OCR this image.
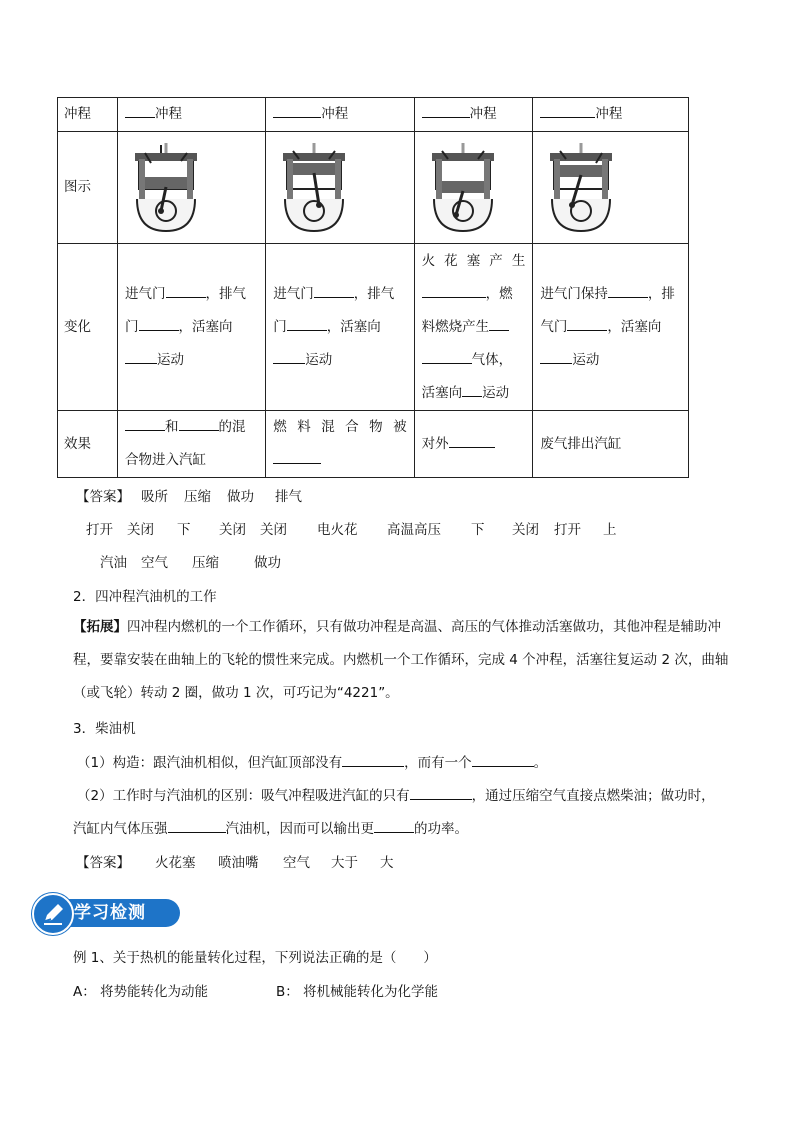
冲程	冲程	冲程	冲程	冲程
图示	

变化	进气门 ，排气门 ，活塞向运动	进气门 ，排气门 ，活塞向运动	火花塞产生
，燃料燃烧产生
气体，活塞向 运动	进气门保持 ，排气门 ，活塞向运动
效果	和 的混合物进入汽缸	燃料混合物被	对外	废气排出汽缸
【答案】 吸所 压缩 做功 排气
打开 关闭 下 关闭 关闭 电火花 高温高压 下 关闭 打开 上
汽油 空气 压缩	做功
2．四冲程汽油机的工作
【拓展】四冲程内燃机的一个工作循环，只有做功冲程是高温、高压的气体推动活塞做功，其他冲程是辅助冲程，要靠安装在曲轴上的飞轮的惯性来完成。内燃机一个工作循环，完成 4 个冲程，活塞往复运动 2 次，曲轴（或飞轮）转动 2 圈，做功 1 次，可巧记为“4221”。
3．柴油机
（1）构造：跟汽油机相似，但汽缸顶部没有	，而有一个	。
（2）工作时与汽油机的区别：吸气冲程吸进汽缸的只有	，通过压缩空气直接点燃柴油；做功时，
汽缸内气体压强	汽油机，因而可以输出更	的功率。
【答案】 火花塞 喷油嘴 空气 大于 大
学习检测
例 1、关于热机的能量转化过程，下列说法正确的是（　　）
A： 将势能转化为动能	B： 将机械能转化为化学能
